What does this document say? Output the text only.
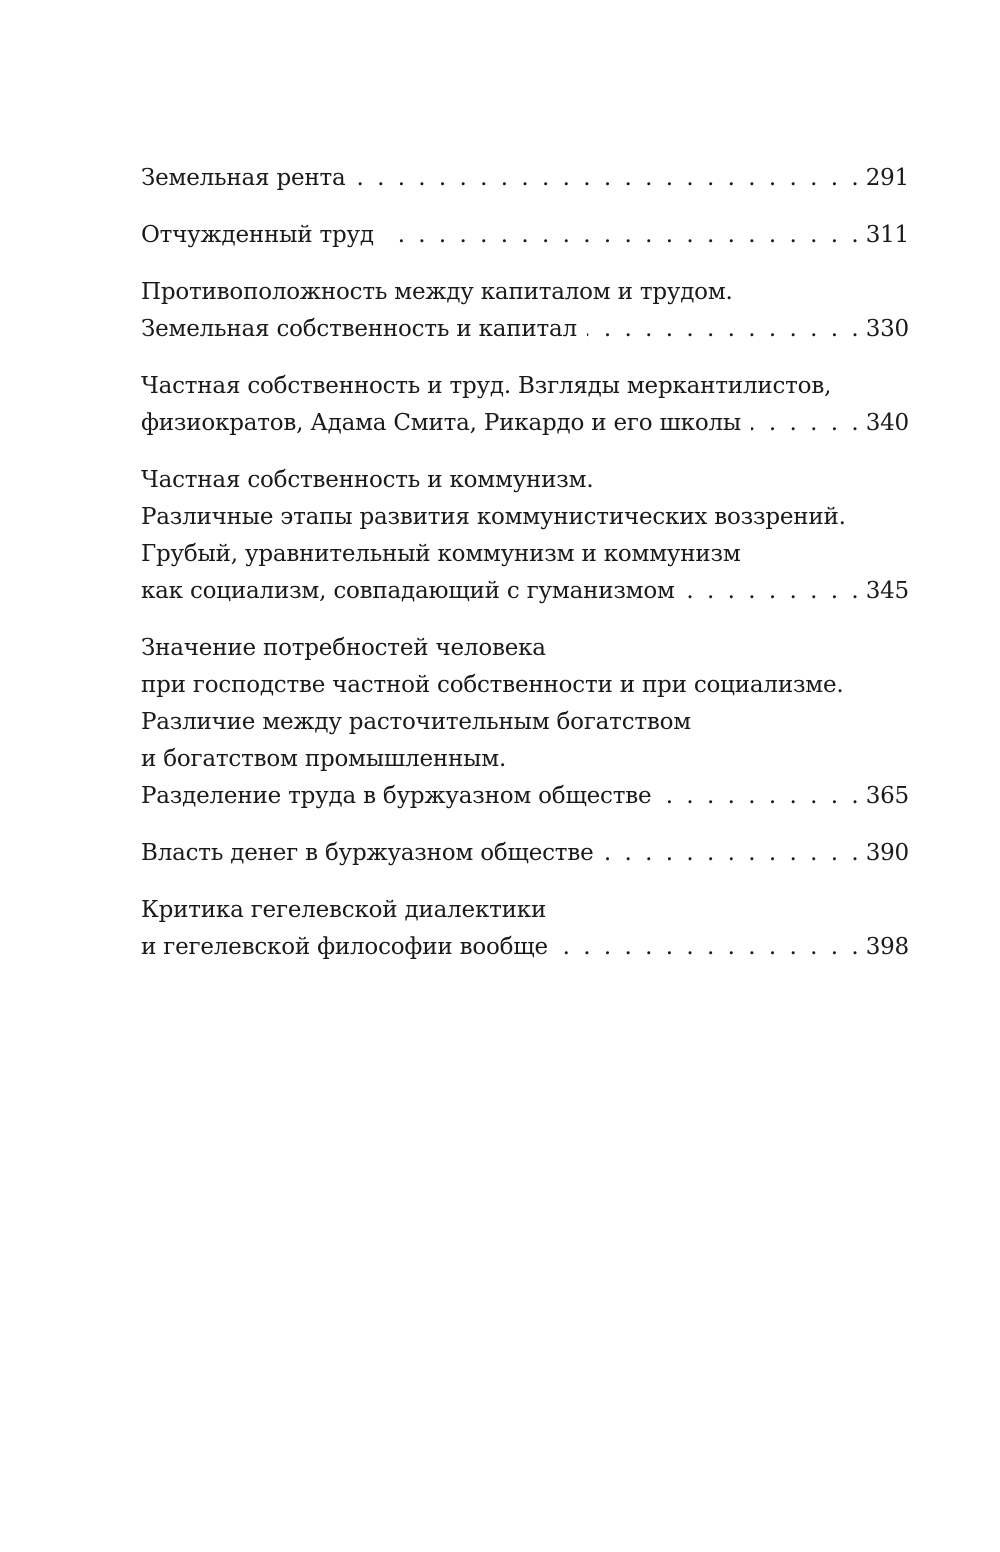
Земельная рента . . .	291
Отчужденный труд . . .	311
Противоположность между капиталом и трудом.
Земельная собственность и капитал . . .	330
Частная собственность и труд. Взгляды меркантилистов,
физиократов, Адама Смита, Рикардо и его школы . . .	340
Частная собственность и коммунизм.
Различные этапы развития коммунистических воззрений.
Грубый, уравнительный коммунизм и коммунизм
как социализм, совпадающий с гуманизмом . . .	345
Значение потребностей человека
при господстве частной собственности и при социализме.
Различие между расточительным богатством
и богатством промышленным.
Разделение труда в буржуазном обществе . . .	365
Власть денег в буржуазном обществе . . .	390
Критика гегелевской диалектики
и гегелевской философии вообще . . .	398
